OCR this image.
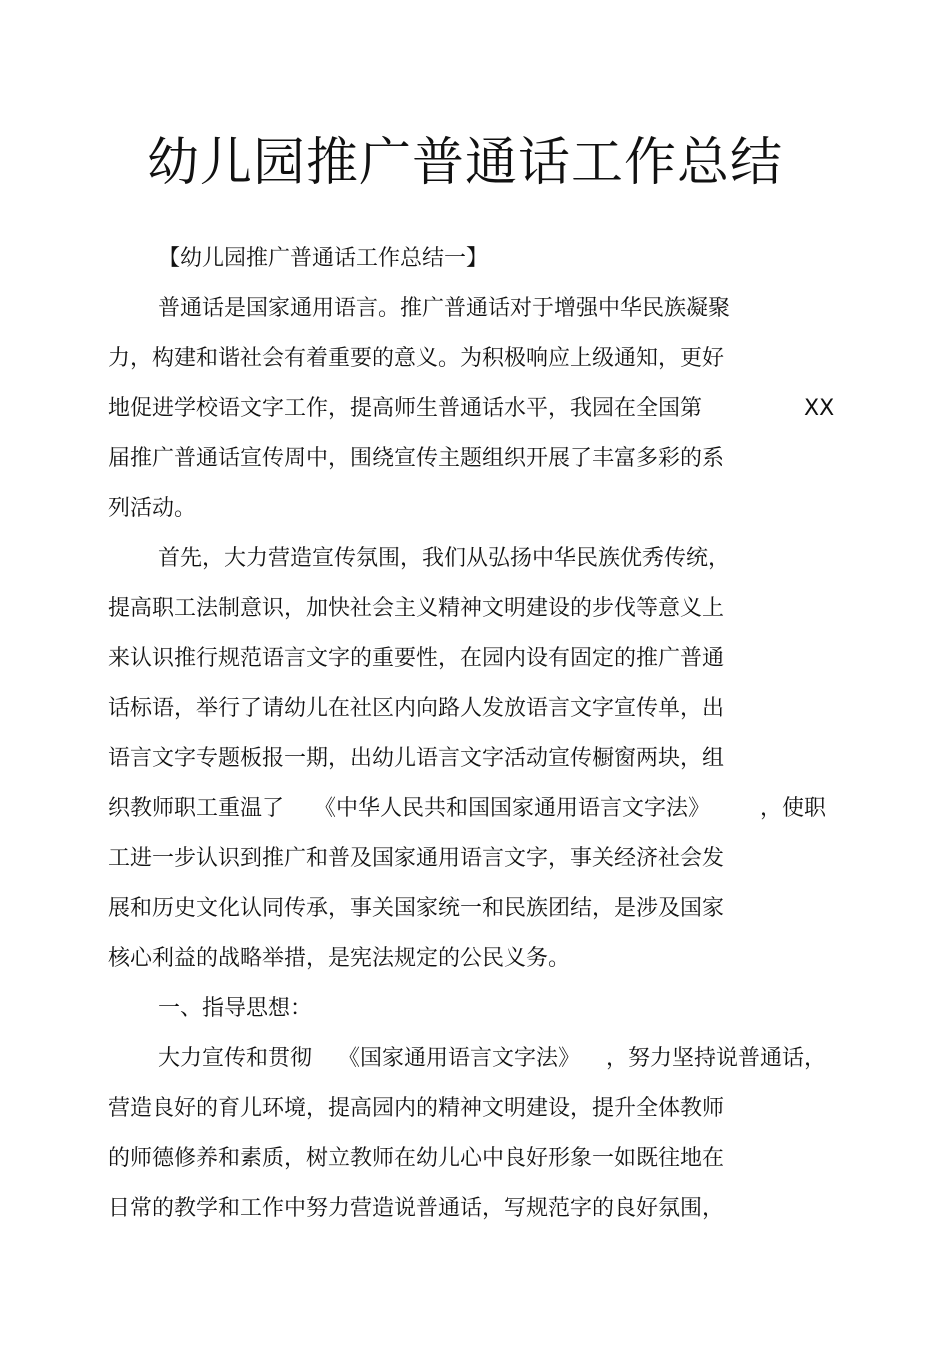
幼儿园推广普通话工作总结
【幼儿园推广普通话工作总结一】
普通话是国家通用语言。推广普通话对于增强中华民族凝聚
力，构建和谐社会有着重要的意义。为积极响应上级通知，更好
地促进学校语文字工作，提高师生普通话水平，我园在全国第	XX
届推广普通话宣传周中，围绕宣传主题组织开展了丰富多彩的系
列活动。
首先，大力营造宣传氛围，我们从弘扬中华民族优秀传统，
提高职工法制意识，加快社会主义精神文明建设的步伐等意义上
来认识推行规范语言文字的重要性，在园内设有固定的推广普通
话标语，举行了请幼儿在社区内向路人发放语言文字宣传单，出
语言文字专题板报一期，出幼儿语言文字活动宣传橱窗两块，组
织教师职工重温了 《中华人民共和国国家通用语言文字法》 ，使职
工进一步认识到推广和普及国家通用语言文字，事关经济社会发
展和历史文化认同传承，事关国家统一和民族团结，是涉及国家
核心利益的战略举措，是宪法规定的公民义务。
一、指导思想：
大力宣传和贯彻 《国家通用语言文字法》 ，努力坚持说普通话，
营造良好的育儿环境，提高园内的精神文明建设，提升全体教师
的师德修养和素质，树立教师在幼儿心中良好形象一如既往地在
日常的教学和工作中努力营造说普通话，写规范字的良好氛围，
